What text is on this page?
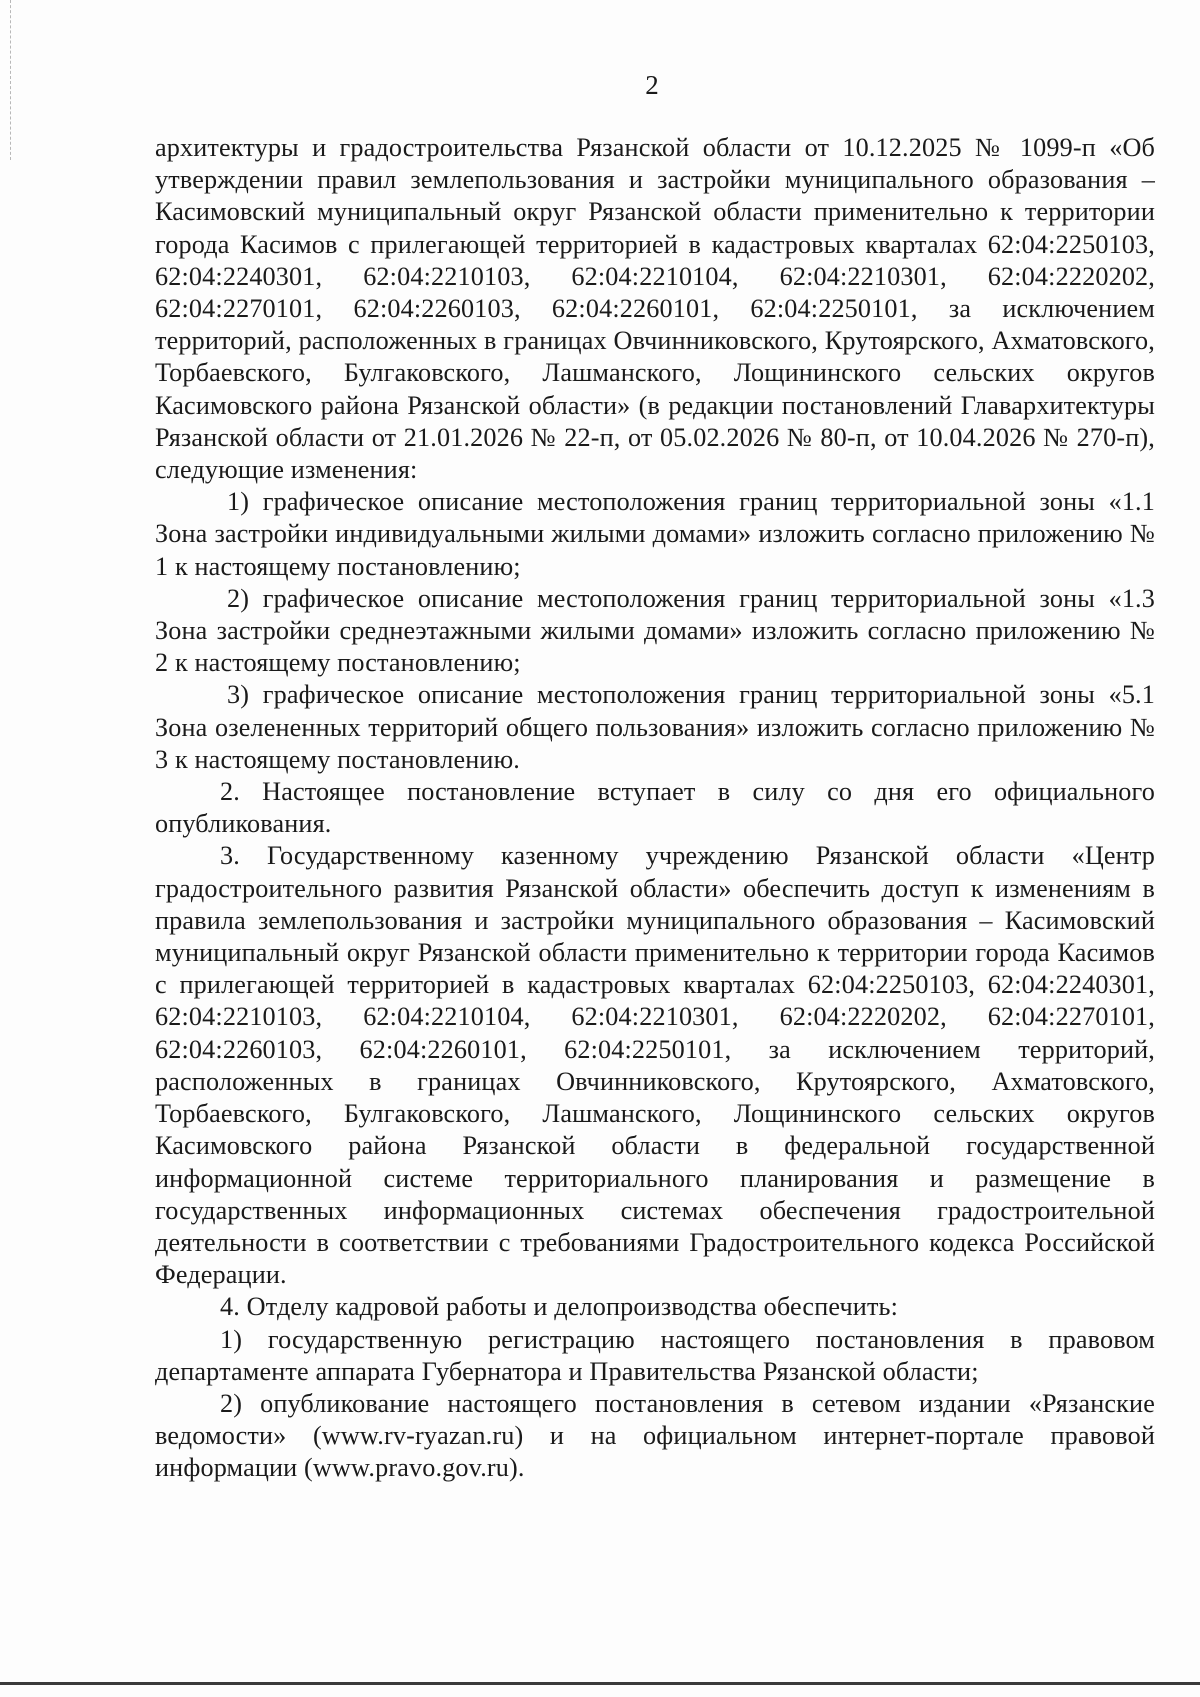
2

архитектуры и градостроительства Рязанской области от 10.12.2025 № 1099-п «Об утверждении правил землепользования и застройки муниципального образования – Касимовский муниципальный округ Рязанской области применительно к территории города Касимов с прилегающей территорией в кадастровых кварталах 62:04:2250103, 62:04:2240301, 62:04:2210103, 62:04:2210104, 62:04:2210301, 62:04:2220202, 62:04:2270101, 62:04:2260103, 62:04:2260101, 62:04:2250101, за исключением территорий, расположенных в границах Овчинниковского, Крутоярского, Ахматовского, Торбаевского, Булгаковского, Лашманского, Лощининского сельских округов Касимовского района Рязанской области» (в редакции постановлений Главархитектуры Рязанской области от 21.01.2026 № 22-п, от 05.02.2026 № 80-п, от 10.04.2026 № 270-п), следующие изменения:

1) графическое описание местоположения границ территориальной зоны «1.1 Зона застройки индивидуальными жилыми домами» изложить согласно приложению № 1 к настоящему постановлению;

2) графическое описание местоположения границ территориальной зоны «1.3 Зона застройки среднеэтажными жилыми домами» изложить согласно приложению № 2 к настоящему постановлению;

3) графическое описание местоположения границ территориальной зоны «5.1 Зона озелененных территорий общего пользования» изложить согласно приложению № 3 к настоящему постановлению.

2. Настоящее постановление вступает в силу со дня его официального опубликования.

3. Государственному казенному учреждению Рязанской области «Центр градостроительного развития Рязанской области» обеспечить доступ к изменениям в правила землепользования и застройки муниципального образования – Касимовский муниципальный округ Рязанской области применительно к территории города Касимов с прилегающей территорией в кадастровых кварталах 62:04:2250103, 62:04:2240301, 62:04:2210103, 62:04:2210104, 62:04:2210301, 62:04:2220202, 62:04:2270101, 62:04:2260103, 62:04:2260101, 62:04:2250101, за исключением территорий, расположенных в границах Овчинниковского, Крутоярского, Ахматовского, Торбаевского, Булгаковского, Лашманского, Лощининского сельских округов Касимовского района Рязанской области в федеральной государственной информационной системе территориального планирования и размещение в государственных информационных системах обеспечения градостроительной деятельности в соответствии с требованиями Градостроительного кодекса Российской Федерации.

4. Отделу кадровой работы и делопроизводства обеспечить:

1) государственную регистрацию настоящего постановления в правовом департаменте аппарата Губернатора и Правительства Рязанской области;

2) опубликование настоящего постановления в сетевом издании «Рязанские ведомости» (www.rv-ryazan.ru) и на официальном интернет-портале правовой информации (www.pravo.gov.ru).
